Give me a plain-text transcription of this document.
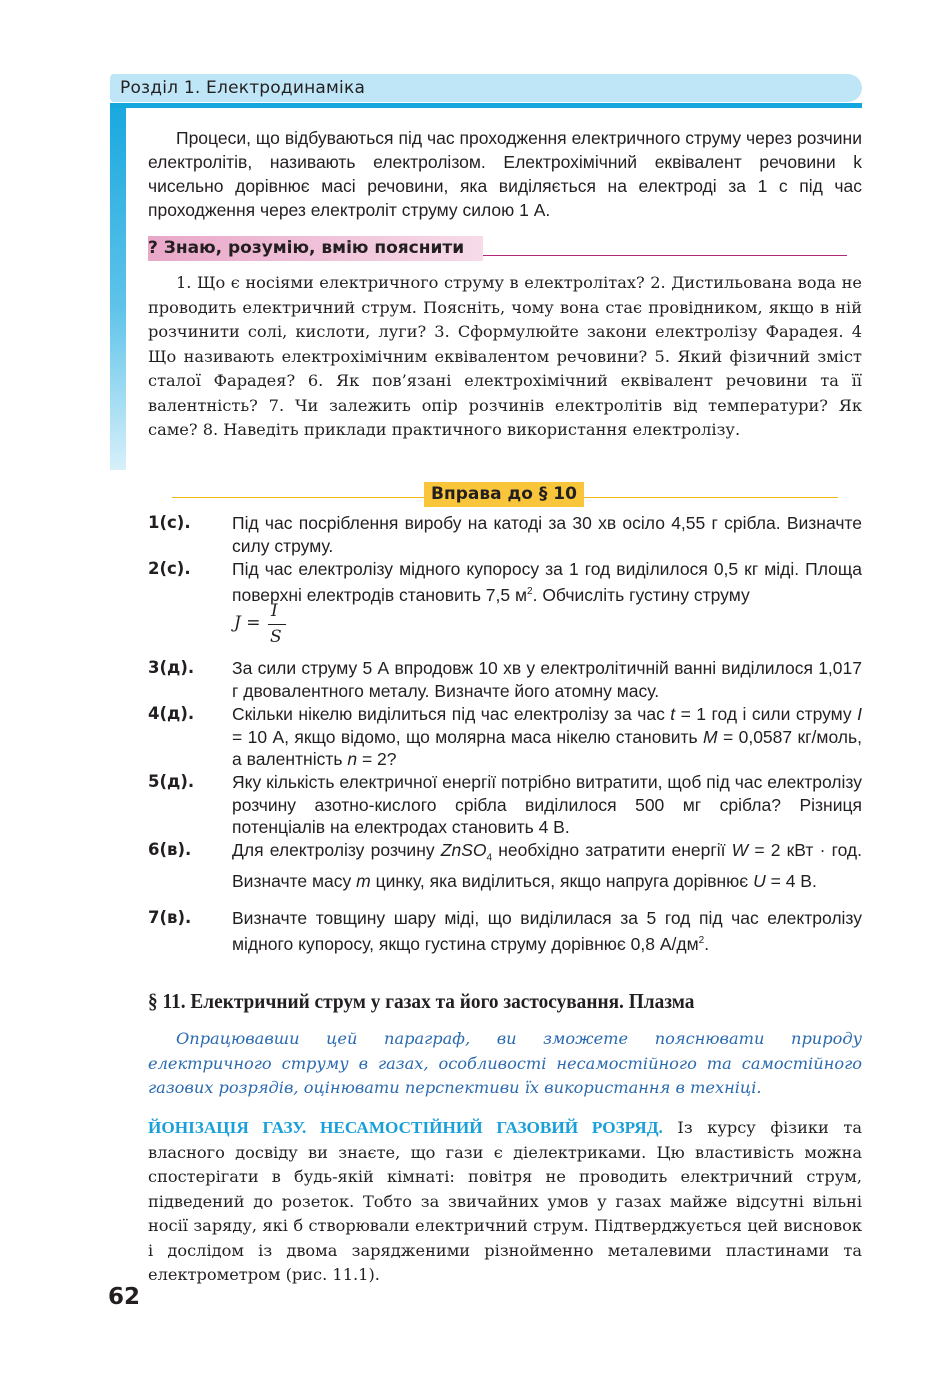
Розділ 1. Електродинаміка

Процеси, що відбуваються під час проходження електричного струму через розчини електролітів, називають електролізом. Електрохімічний еквівалент речовини k чисельно дорівнює масі речовини, яка виділяється на електроді за 1 с під час проходження через електроліт струму силою 1 А.

? Знаю, розумію, вмію пояснити

1. Що є носіями електричного струму в електролітах? 2. Дистильована вода не проводить електричний струм. Поясніть, чому вона стає провідником, якщо в ній розчинити солі, кислоти, луги? 3. Сформулюйте закони електролізу Фарадея. 4 Що називають електрохімічним еквівалентом речовини? 5. Який фізичний зміст сталої Фарадея? 6. Як пов’язані електрохімічний еквівалент речовини та її валентність? 7. Чи залежить опір розчинів електролітів від температури? Як саме? 8. Наведіть приклади практичного використання електролізу.

Вправа до § 10
1(с). Під час посріблення виробу на катоді за 30 хв осіло 4,55 г срібла. Визначте силу струму.
2(с). Під час електролізу мідного купоросу за 1 год виділилося 0,5 кг міді. Площа поверхні електродів становить 7,5 $м^2$. Обчисліть густину струму
J =
I
S
3(д). За сили струму 5 А впродовж 10 хв у електролітичній ванні виділилося 1,017 г двовалентного металу. Визначте його атомну масу.
4(д). Скільки нікелю виділиться під час електролізу за час t = 1 год і сили струму I = 10 А, якщо відомо, що молярна маса нікелю становить M = 0,0587 кг/моль, а валентність n = 2?
5(д). Яку кількість електричної енергії потрібно витратити, щоб під час електролізу розчину азотно-кислого срібла виділилося 500 мг срібла? Різниця потенціалів на електродах становить 4 В.
6(в). Для електролізу розчину ZnSO$_4$ необхідно затратити енергії W = 2 кВт · год. Визначте масу m цинку, яка виділиться, якщо напруга дорівнює U = 4 В.
7(в). Визначте товщину шару міді, що виділилася за 5 год під час електролізу мідного купоросу, якщо густина струму дорівнює 0,8 $А/дм^2$.
§ 11. Електричний струм у газах та його застосування. Плазма

Опрацювавши цей параграф, ви зможете пояснювати природу електричного струму в газах, особливості несамостійного та самостійного газових розрядів, оцінювати перспективи їх використання в техніці.

ЙОНІЗАЦІЯ ГАЗУ. НЕСАМОСТІЙНИЙ ГАЗОВИЙ РОЗРЯД. Із курсу фізики та власного досвіду ви знаєте, що гази є діелектриками. Цю властивість можна спостерігати в будь-якій кімнаті: повітря не проводить електричний струм, підведений до розеток. Тобто за звичайних умов у газах майже відсутні вільні носії заряду, які б створювали електричний струм. Підтверджується цей висновок і дослідом із двома зарядженими різнойменно металевими пластинами та електрометром (рис. 11.1).
62
